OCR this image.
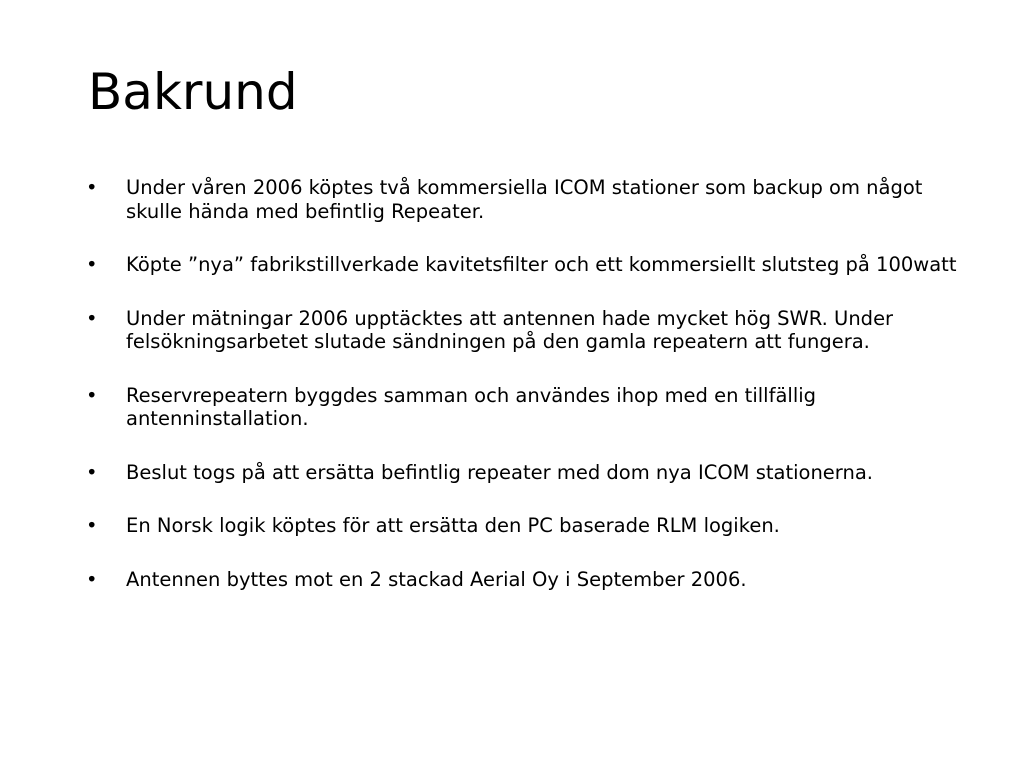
Bakrund
•	Under våren 2006 köptes två kommersiella ICOM stationer som backup om något skulle hända med befintlig Repeater.
•	Köpte ”nya” fabrikstillverkade kavitetsfilter och ett kommersiellt slutsteg på 100watt
•	Under mätningar 2006 upptäcktes att antennen hade mycket hög SWR. Under felsökningsarbetet slutade sändningen på den gamla repeatern att fungera.
•	Reservrepeatern byggdes samman och användes ihop med en tillfällig antenninstallation.
•	Beslut togs på att ersätta befintlig repeater med dom nya ICOM stationerna.
•	En Norsk logik köptes för att ersätta den PC baserade RLM logiken.
•	Antennen byttes mot en 2 stackad Aerial Oy i September 2006.
